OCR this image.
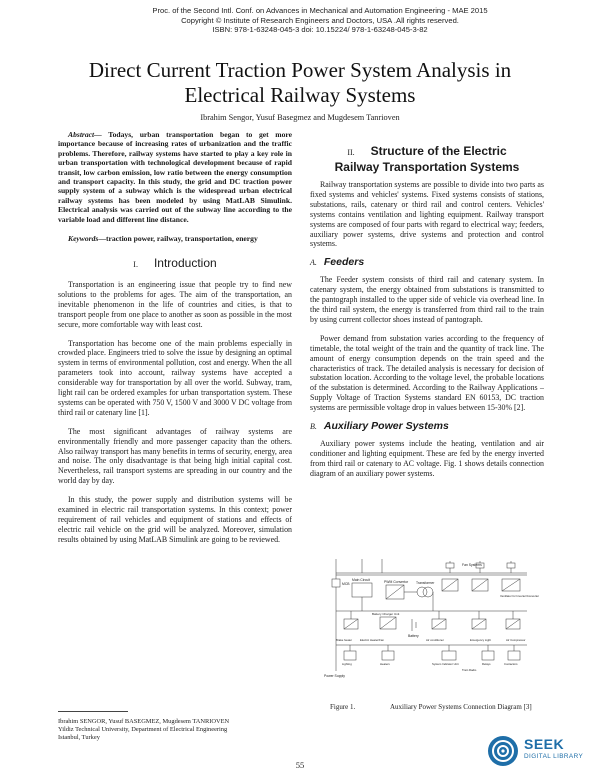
Proc. of the Second Intl. Conf. on Advances in Mechanical and Automation Engineering - MAE 2015
Copyright © Institute of Research Engineers and Doctors, USA .All rights reserved.
ISBN: 978-1-63248-045-3 doi: 10.15224/ 978-1-63248-045-3-82
Direct Current Traction Power System Analysis in
Electrical Railway Systems
Ibrahim Sengor, Yusuf Basegmez and Mugdesem Tanrioven
Abstract— Todays, urban transportation began to get more importance because of increasing rates of urbanization and the traffic problems. Therefore, railway systems have started to play a key role in urban transportation with technological development because of rapid transit, low carbon emission, low ratio between the energy consumption and transport capacity. In this study, the grid and DC traction power supply system of a subway which is the widespread urban electrical railway systems has been modeled by using MatLAB Simulink. Electrical analysis was carried out of the subway line according to the variable load and different line distance.
Keywords—traction power, railway, transportation, energy
I. Introduction

Transportation is an engineering issue that people try to find new solutions to the problems for ages. The aim of the transportation, an inevitable phenomenon in the life of countries and cities, is that to transport people from one place to another as soon as possible in the most secure, more comfortable way with least cost.

Transportation has become one of the main problems especially in crowded place. Engineers tried to solve the issue by designing an optimal system in terms of environmental pollution, cost and energy. When the all parameters took into account, railway systems have accepted a considerable way for transportation by all over the world. Subway, tram, light rail can be ordered examples for urban transportation system. These systems can be operated with 750 V, 1500 V and 3000 V DC voltage from third rail or catenary line [1].

The most significant advantages of railway systems are environmentally friendly and more passenger capacity than the others. Also railway transport has many benefits in terms of security, energy, area and noise. The only disadvantage is that being high initial capital cost. Nevertheless, rail transport systems are spreading in our country and the world day by day.

In this study, the power supply and distribution systems will be examined in electric rail transportation systems. In this context; power requirement of rail vehicles and equipment of stations and effects of electric rail vehicle on the grid will be analyzed. Moreover, simulation results obtained by using MatLAB Simulink are going to be reviewed.

Ibrahim SENGOR, Yusuf BASEGMEZ, Mugdesem TANRIOVEN
Yildiz Technical University, Department of Electrical Engineering
Istanbul, Turkey
II. Structure of the Electric
Railway Transportation Systems

Railway transportation systems are possible to divide into two parts as fixed systems and vehicles' systems. Fixed systems consists of stations, substations, rails, catenary or third rail and control centers. Vehicles' systems contains ventilation and lighting equipment. Railway transport systems are composed of four parts with regard to electrical way; feeders, auxiliary power systems, drive systems and protection and control systems.

A. Feeders

The Feeder system consists of third rail and catenary system. In catenary system, the energy obtained from substations is transmitted to the pantograph installed to the upper side of vehicle via overhead line. In the third rail system, the energy is transferred from third rail to the train by using current collector shoes instead of pantograph.

Power demand from substation varies according to the frequency of timetable, the total weight of the train and the quantity of track line. The amount of energy consumption depends on the train speed and the characteristics of track. The detailed analysis is necessary for decision of substation location. According to the voltage level, the probable locations of the substation is determined. According to the Railway Applications – Supply Voltage of Traction Systems standard EN 60153, DC traction systems are permissible voltage drop in values between 15-30% [2].

B. Auxiliary Power Systems

Auxiliary power systems include the heating, ventilation and air conditioner and lighting equipment. These are fed by the energy inverted from third rail or catenary to AC voltage. Fig. 1 shows details connection diagram of an auxiliary power systems.

MCB
Main Circuit	PWM Convertor Transformer
Ventilator for Inverter/Converter
Fan Systems
Battery Charger Unit
Battery
Brake heater	Electric Heater/Fan	Air conditioner	Emergency Light	Air Compressor
Lighting	Heaters	System Indicator Unit	Relays	Contactors
Train Radio
Power Supply
Figure 1.	Auxiliary Power Systems Connection Diagram [3]
55
SEEK
DIGITAL LIBRARY
